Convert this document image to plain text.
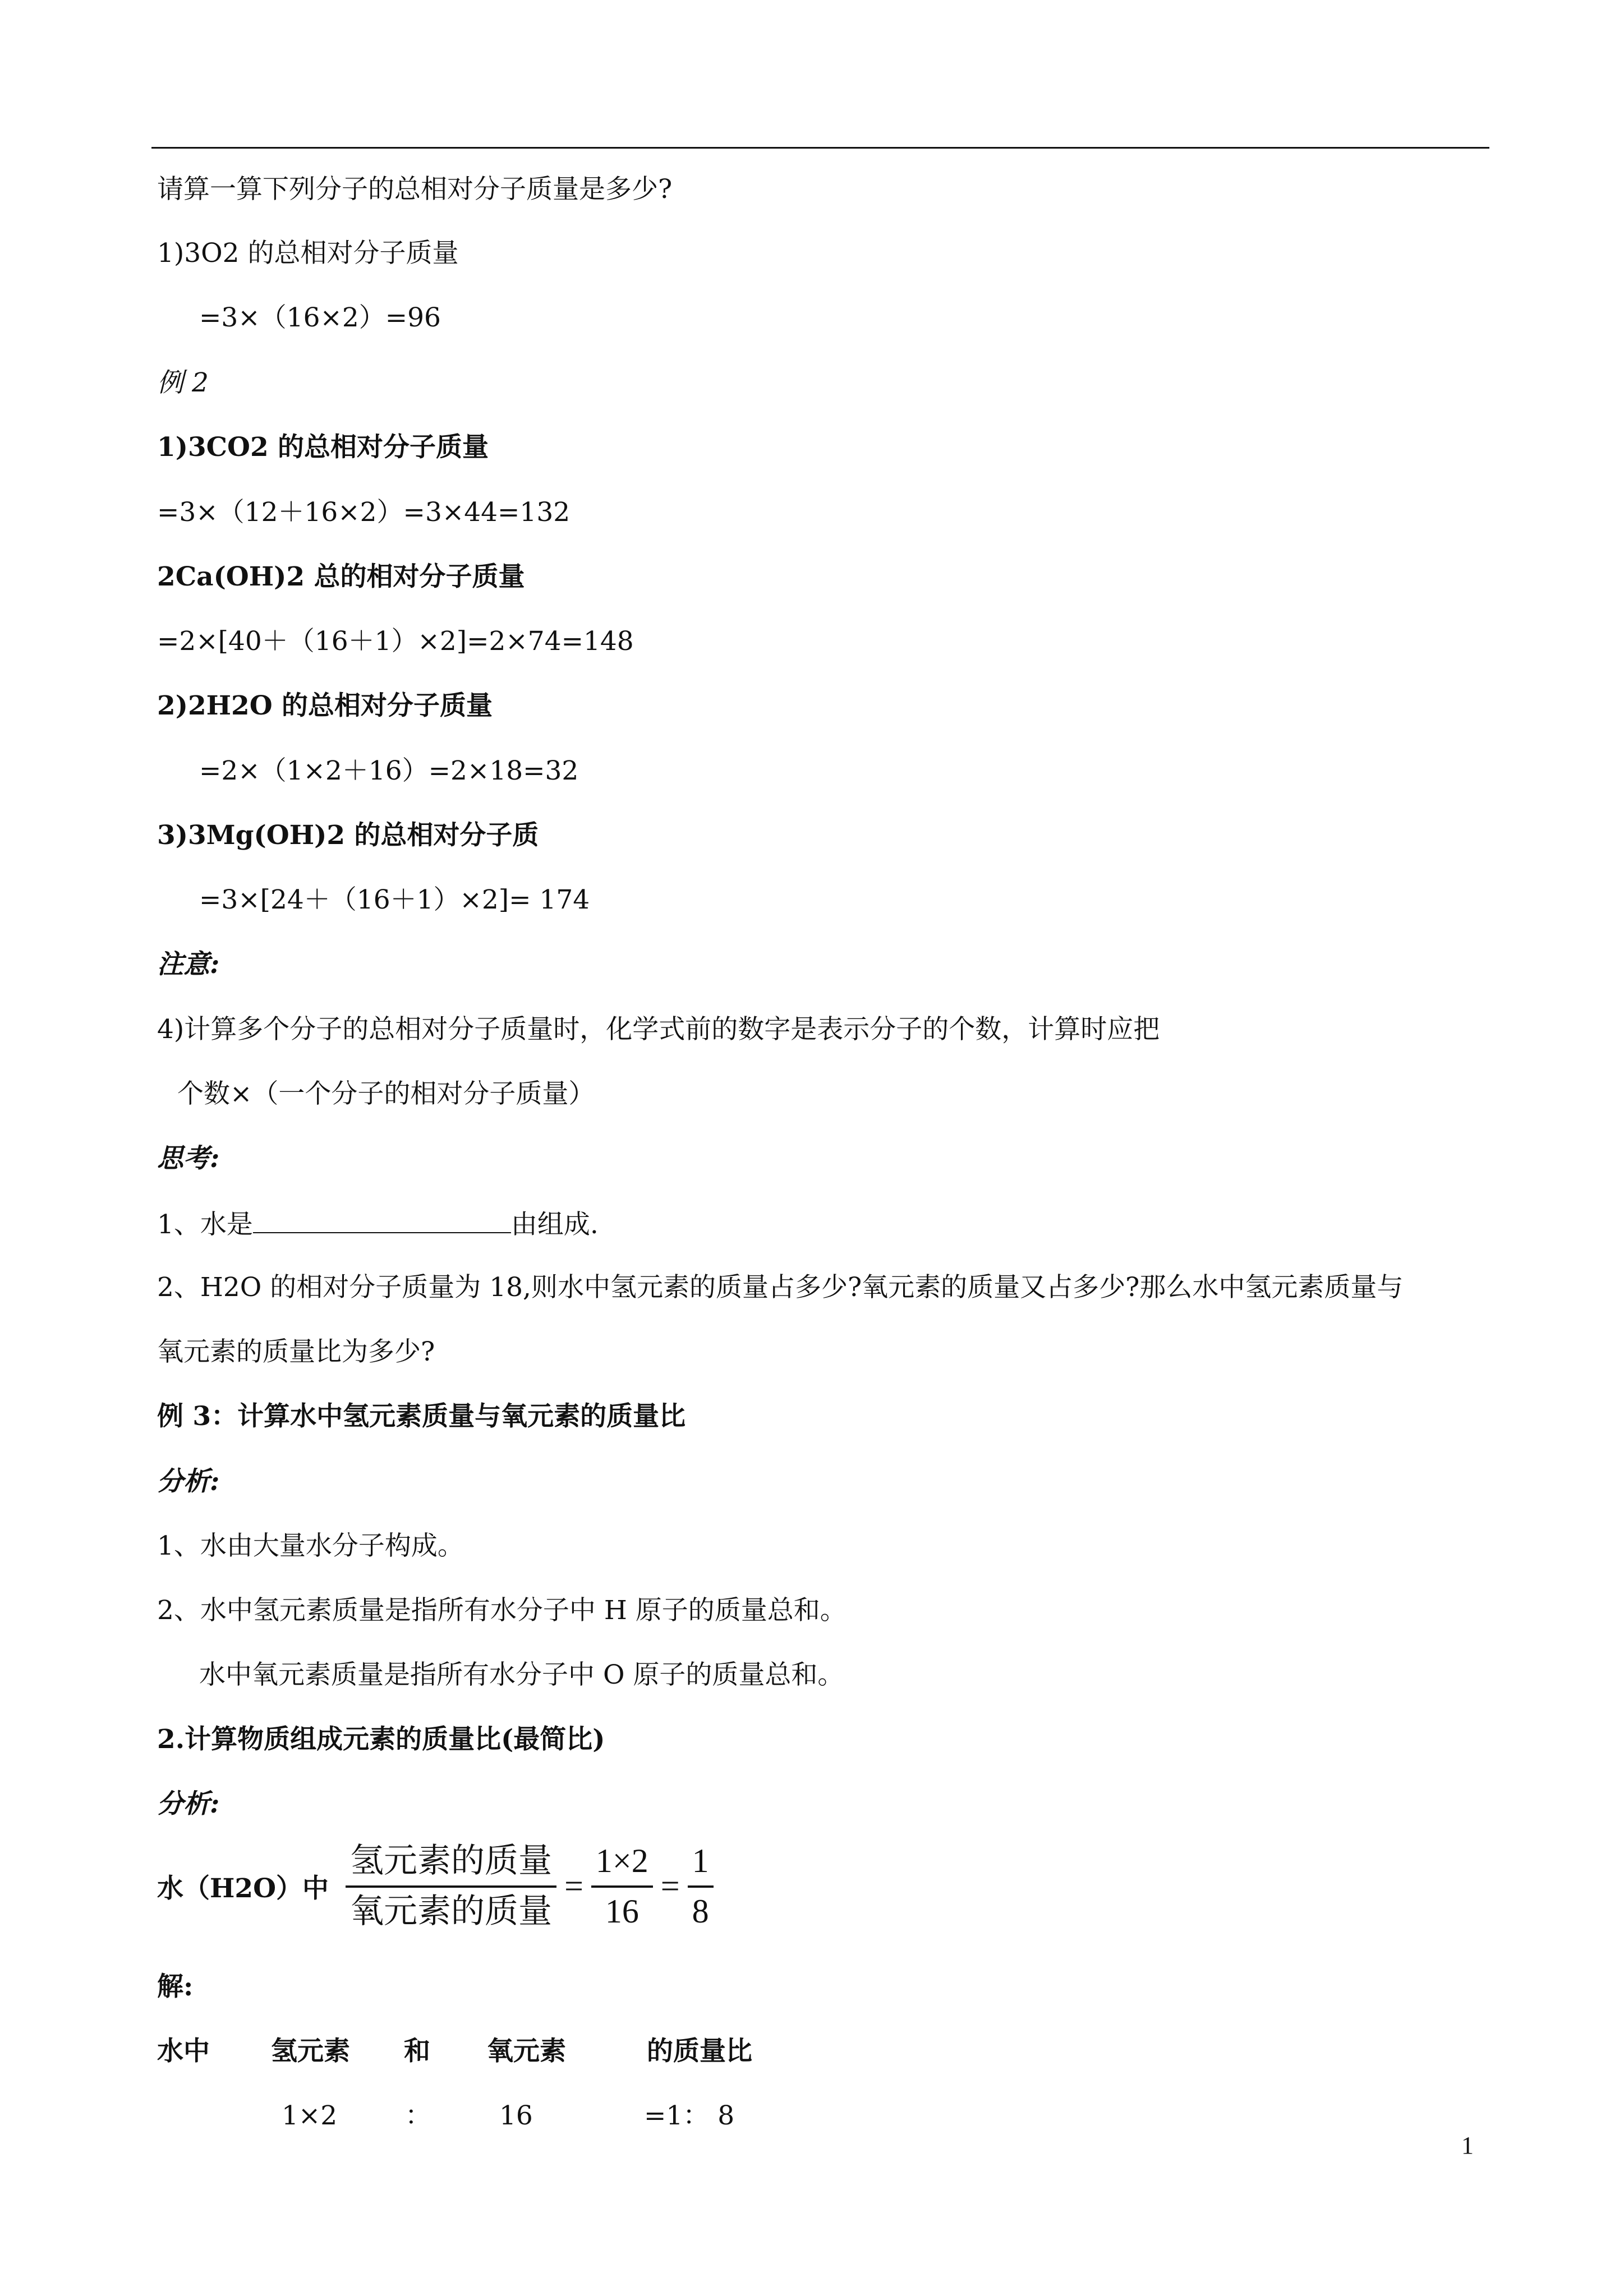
请算一算下列分子的总相对分子质量是多少?
1)3O2 的总相对分子质量
=3×（16×2）=96
例 2
1)3CO2 的总相对分子质量
=3×（12＋16×2）=3×44=132
2Ca(OH)2 总的相对分子质量
=2×[40＋（16＋1）×2]=2×74=148
2)2H2O 的总相对分子质量
=2×（1×2＋16）=2×18=32
3)3Mg(OH)2 的总相对分子质
=3×[24＋（16＋1）×2]= 174
注意:
4)计算多个分子的总相对分子质量时，化学式前的数字是表示分子的个数，计算时应把
个数×（一个分子的相对分子质量）
思考:
1、水是	由组成.
2、H2O 的相对分子质量为 18,则水中氢元素的质量占多少?氧元素的质量又占多少?那么水中氢元素质量与
氧元素的质量比为多少?
例 3：计算水中氢元素质量与氧元素的质量比
分析:
1、水由大量水分子构成。
2、水中氢元素质量是指所有水分子中 H 原子的质量总和。
水中氧元素质量是指所有水分子中 O 原子的质量总和。
2.计算物质组成元素的质量比(最简比)
分析:
水（H2O）中 $\frac{\text{氢元素的质量}}{\text{氧元素的质量}} = \frac{1\times 2}{16} = \frac{1}{8}$
解:
水中 氢元素 和 氧元素	的质量比
1×2	：	16	=1： 8
1
